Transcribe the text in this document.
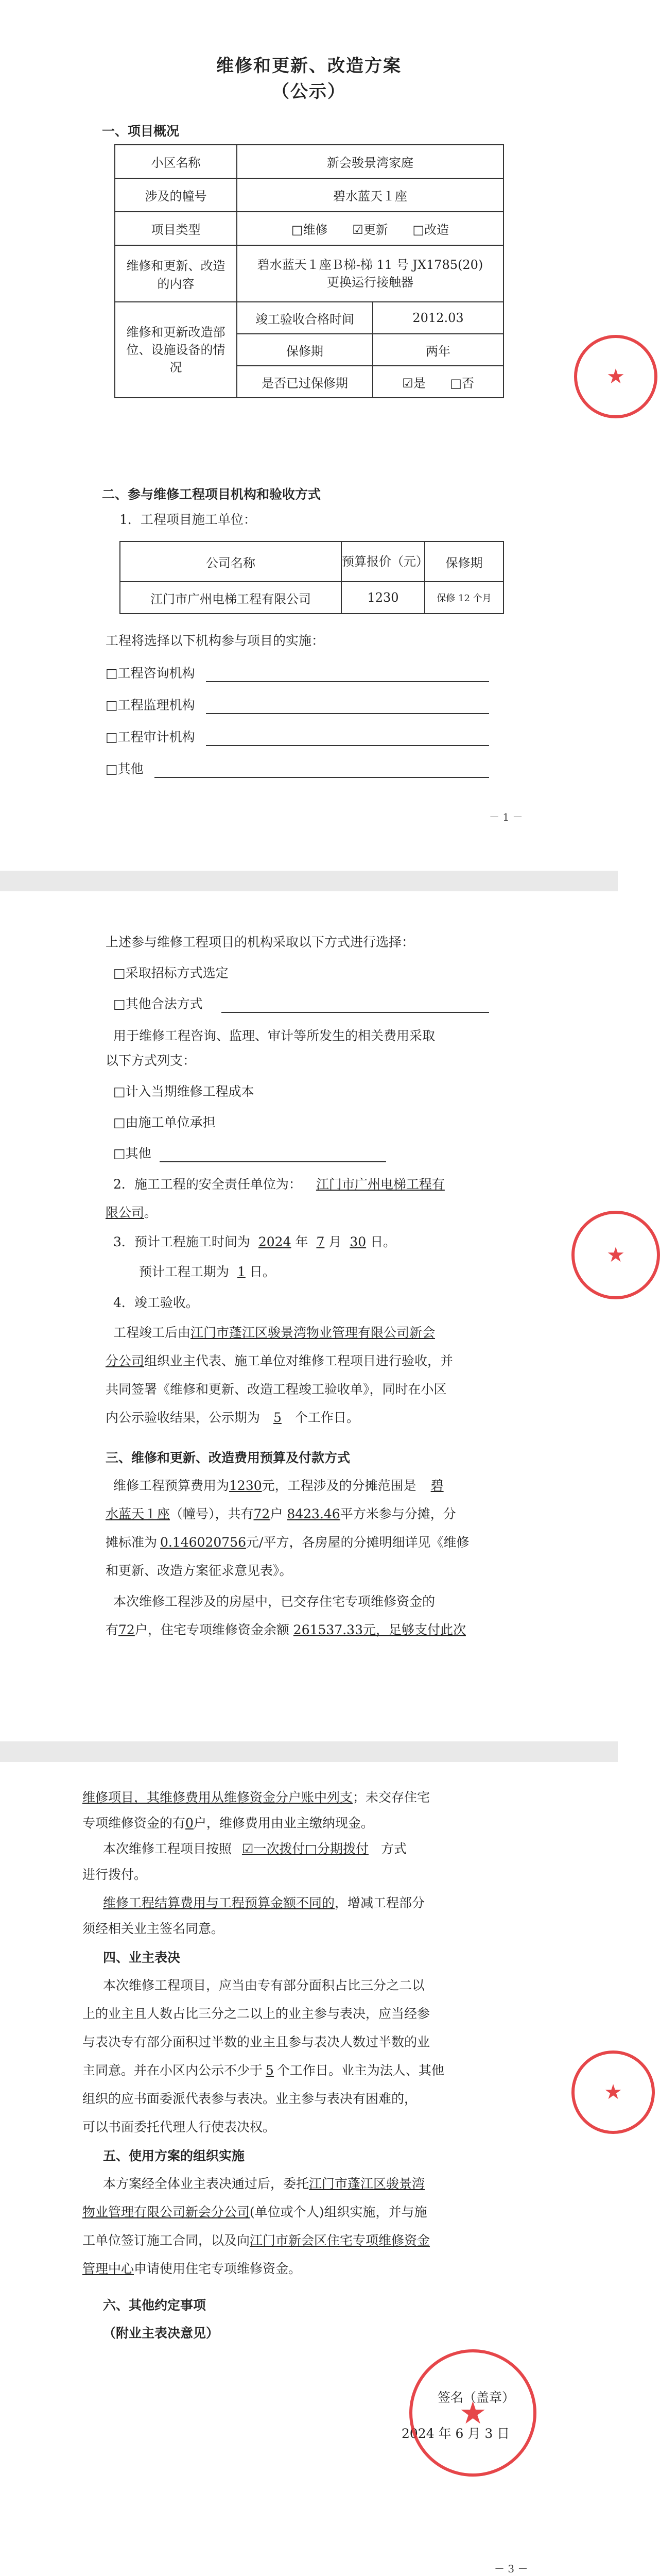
维修和更新、改造方案
（公示）
一、项目概况
小区名称	新会骏景湾家庭	
涉及的幢号	碧水蓝天１座	
项目类型	□维修 ☑更新 □改造	
维修和更新、改造的内容	碧水蓝天１座Ｂ梯-梯 11 号 JX1785(20)
更换运行接触器	

维修和更新改造部位、设施设备的情况	竣工验收合格时间	2012.03
	保修期	两年
	是否已过保修期	☑是 □否	★
二、参与维修工程项目机构和验收方式
1．工程项目施工单位：
公司名称	预算报价（元）	保修期
江门市广州电梯工程有限公司	1230	保修 12 个月
工程将选择以下机构参与项目的实施：
□工程咨询机构
□工程监理机构
□工程审计机构
□其他
－ 1 －
上述参与维修工程项目的机构采取以下方式进行选择：
□采取招标方式选定
□其他合法方式
用于维修工程咨询、监理、审计等所发生的相关费用采取
以下方式列支：
□计入当期维修工程成本
□由施工单位承担
□其他
2．施工工程的安全责任单位为： 江门市广州电梯工程有
限公司。
3．预计工程施工时间为 2024 年 7 月 30 日。
预计工程工期为 1 日。
4．竣工验收。
工程竣工后由江门市蓬江区骏景湾物业管理有限公司新会
分公司组织业主代表、施工单位对维修工程项目进行验收，并
共同签署《维修和更新、改造工程竣工验收单》，同时在小区
内公示验收结果，公示期为 5 个工作日。
★
三、维修和更新、改造费用预算及付款方式
维修工程预算费用为1230元，工程涉及的分摊范围是 碧
水蓝天１座（幢号），共有72户 8423.46平方米参与分摊，分
摊标准为 0.146020756元/平方，各房屋的分摊明细详见《维修
和更新、改造方案征求意见表》。
本次维修工程涉及的房屋中，已交存住宅专项维修资金的
有72户，住宅专项维修资金余额 261537.33元，足够支付此次
维修项目，其维修费用从维修资金分户账中列支；未交存住宅
专项维修资金的有0户，维修费用由业主缴纳现金。
本次维修工程项目按照 ☑一次拨付□分期拨付 方式
进行拨付。
维修工程结算费用与工程预算金额不同的，增减工程部分
须经相关业主签名同意。
四、业主表决
本次维修工程项目，应当由专有部分面积占比三分之二以
上的业主且人数占比三分之二以上的业主参与表决，应当经参
与表决专有部分面积过半数的业主且参与表决人数过半数的业
主同意。并在小区内公示不少于 5 个工作日。业主为法人、其他
组织的应书面委派代表参与表决。业主参与表决有困难的，
可以书面委托代理人行使表决权。
★
五、使用方案的组织实施
本方案经全体业主表决通过后，委托江门市蓬江区骏景湾
物业管理有限公司新会分公司(单位或个人)组织实施，并与施
工单位签订施工合同，以及向江门市新会区住宅专项维修资金
管理中心申请使用住宅专项维修资金。
六、其他约定事项
（附业主表决意见）
签名（盖章）
2024 年 6 月 3 日
★
－ 3 －
